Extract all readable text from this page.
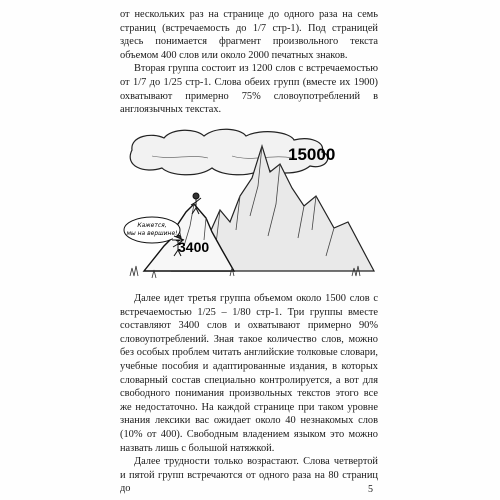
от нескольких раз на странице до одного раза на семь страниц (встречаемость до 1/7 стр-1). Под страницей здесь понимается фрагмент произвольного текста объемом 400 слов или около 2000 печатных знаков.

Вторая группа состоит из 1200 слов с встречаемостью от 1/7 до 1/25 стр-1. Слова обеих групп (вместе их 1900) охватывают примерно 75% словоупотреблений в англоязычных текстах.

Кажется,
мы на вершине!
15000
3400

Далее идет третья группа объемом около 1500 слов с встречаемостью 1/25 – 1/80 стр-1. Три группы вместе составляют 3400 слов и охватывают примерно 90% словоупотреблений. Зная такое количество слов, можно без особых проблем читать английские толковые словари, учебные пособия и адаптированные издания, в которых словарный состав специально контролируется, а вот для свободного понимания произвольных текстов этого все же недостаточно. На каждой странице при таком уровне знания лексики вас ожидает около 40 незнакомых слов (10% от 400). Свободным владением языком это можно назвать лишь с большой натяжкой.

Далее трудности только возрастают. Слова четвертой и пятой групп встречаются от одного раза на 80 страниц до	5
